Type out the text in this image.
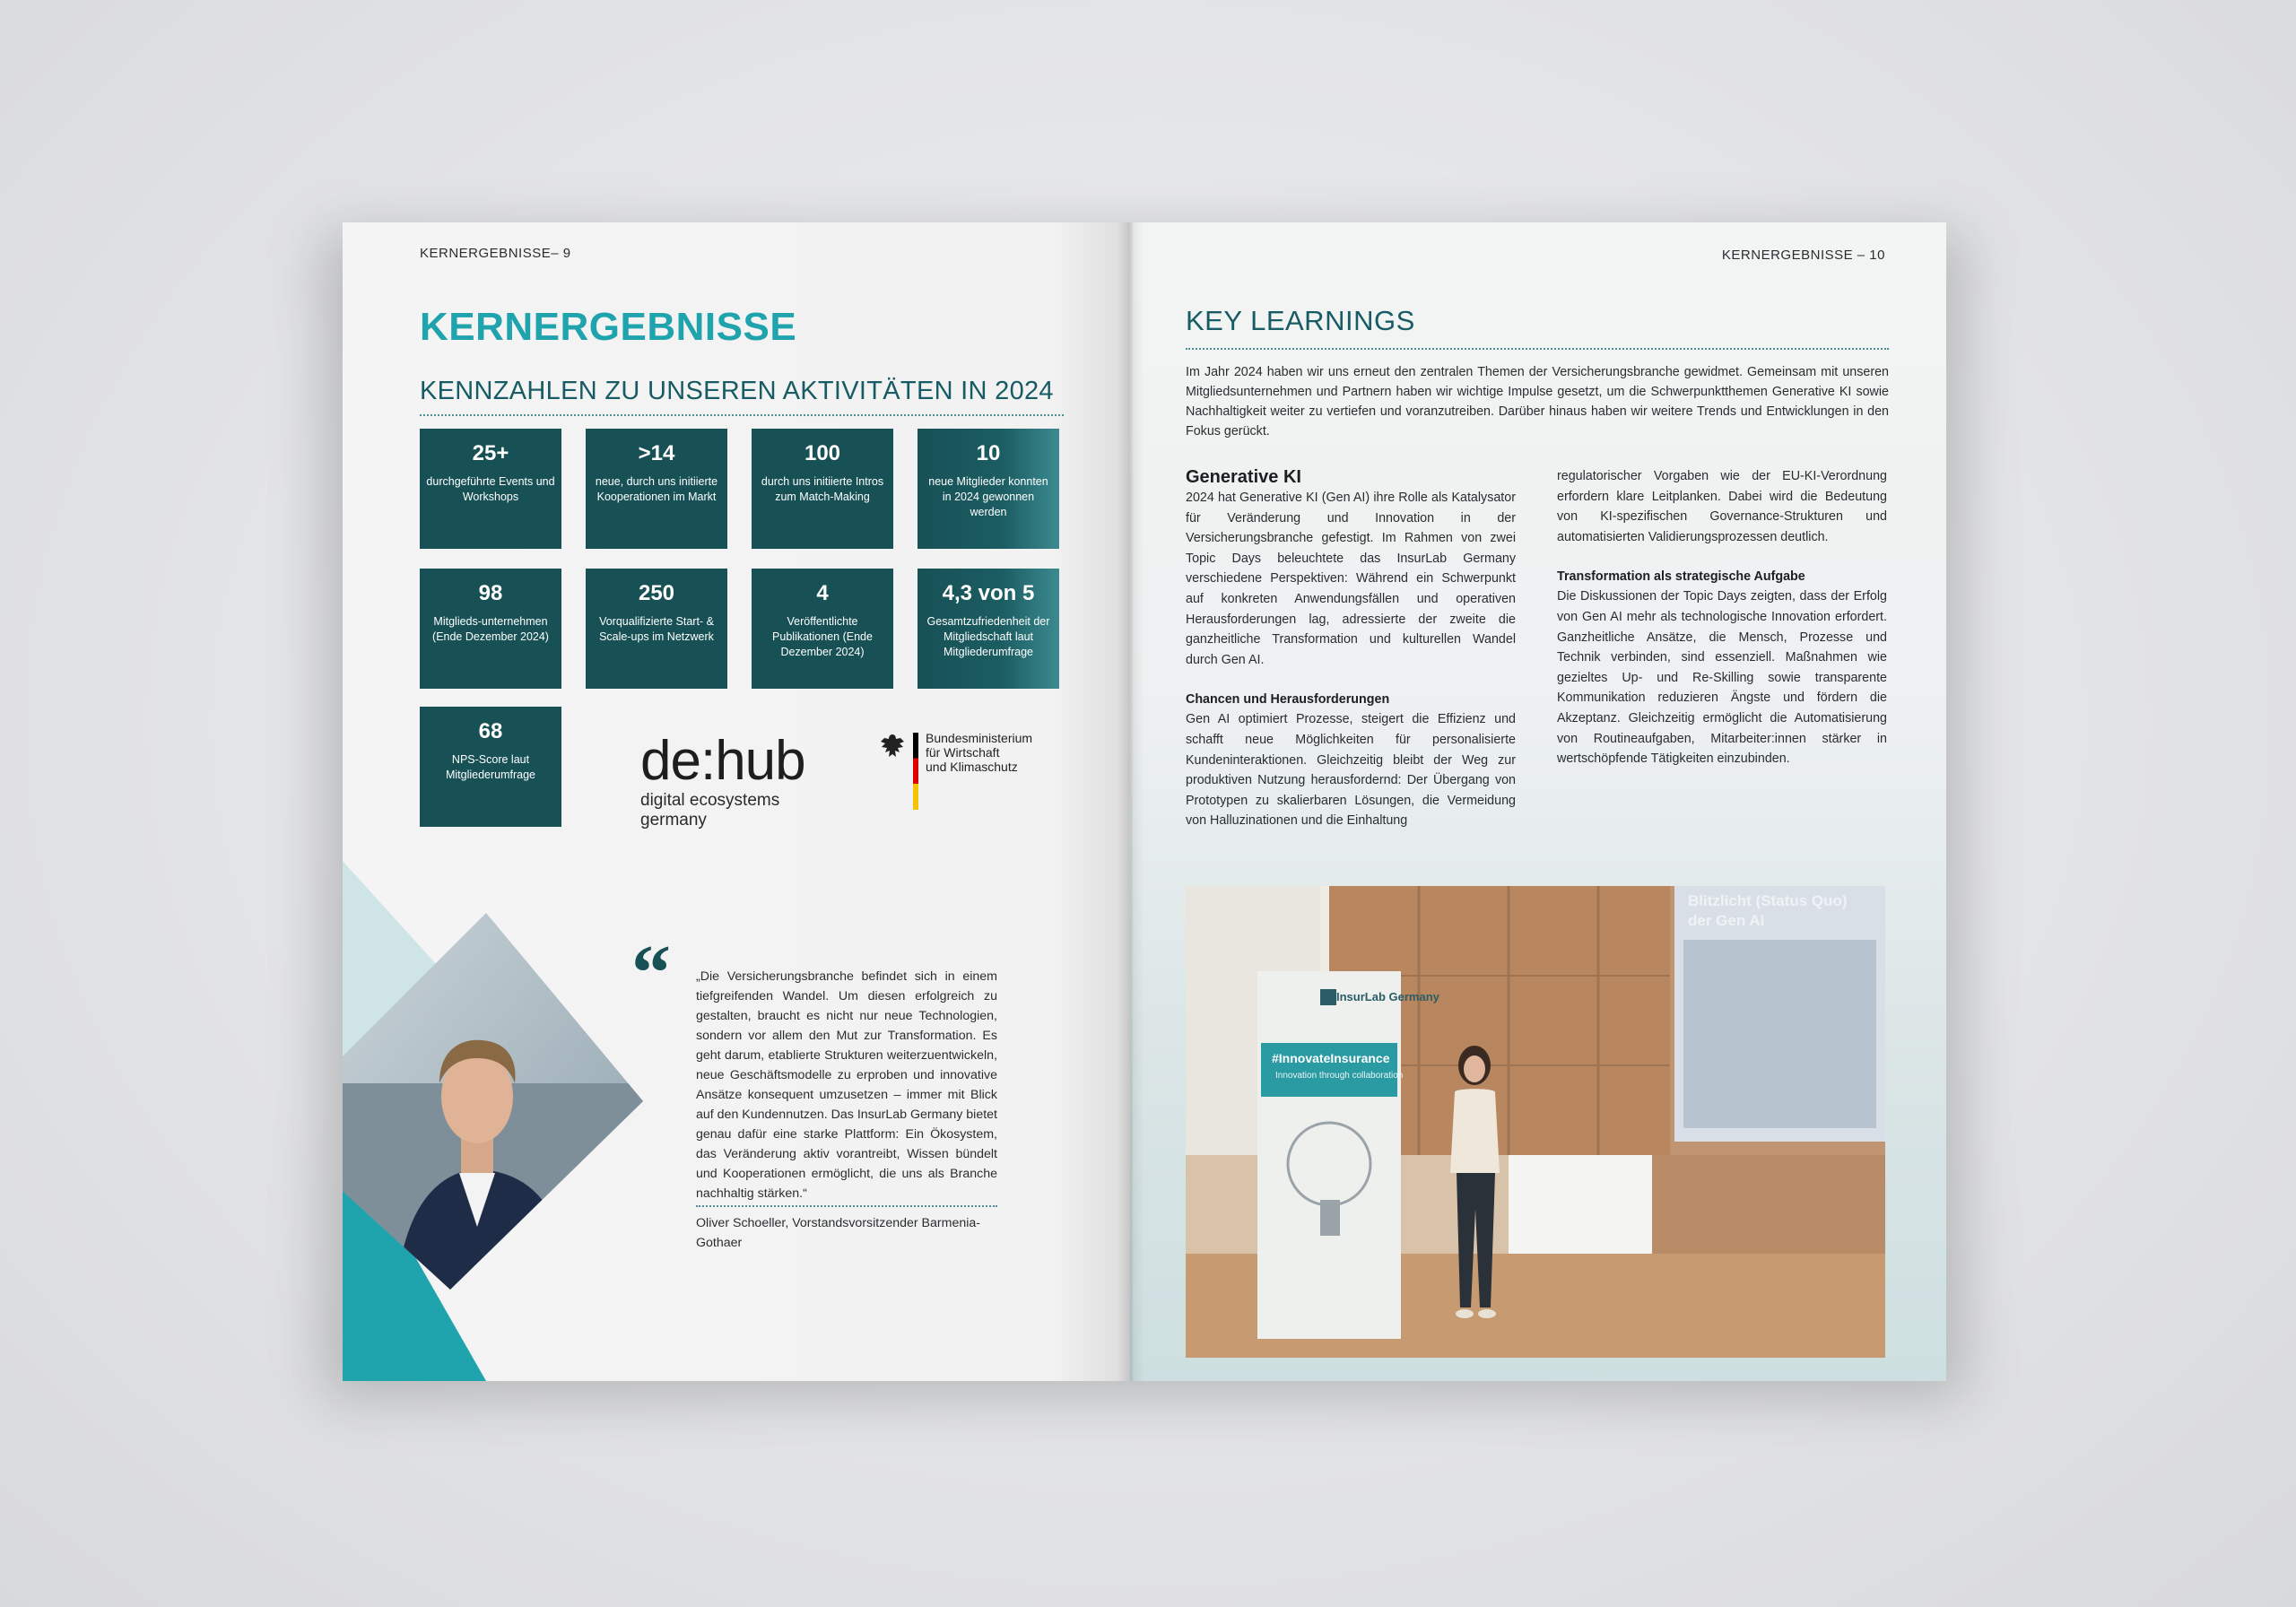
KERNERGEBNISSE– 9
KERNERGEBNISSE
KENNZAHLEN ZU UNSEREN AKTIVITÄTEN IN 2024
25+
durchgeführte Events und Workshops
>14
neue, durch uns initiierte Kooperationen im Markt
100
durch uns initiierte Intros zum Match-Making
10
neue Mitglieder konnten in 2024 gewonnen werden
98
Mitglieds-unternehmen (Ende Dezember 2024)
250
Vorqualifizierte Start- & Scale-ups im Netzwerk
4
Veröffentlichte Publikationen (Ende Dezember 2024)
4,3 von 5
Gesamtzufriedenheit der Mitgliedschaft laut Mitgliederumfrage
68
NPS-Score laut Mitgliederumfrage	de:hub
digital ecosystems germany
Bundesministerium
für Wirtschaft
und Klimaschutz
“ „Die Versicherungsbranche befindet sich in einem tiefgreifenden Wandel. Um diesen erfolgreich zu gestalten, braucht es nicht nur neue Technologien, sondern vor allem den Mut zur Transformation. Es geht darum, etablierte Strukturen weiterzuentwickeln, neue Geschäftsmodelle zu erproben und innovative Ansätze konsequent umzusetzen – immer mit Blick auf den Kundennutzen. Das InsurLab Germany bietet genau dafür eine starke Plattform: Ein Ökosystem, das Veränderung aktiv vorantreibt, Wissen bündelt und Kooperationen ermöglicht, die uns als Branche nachhaltig stärken.“
Oliver Schoeller, Vorstandsvorsitzender Barmenia-Gothaer
KERNERGEBNISSE – 10
KEY LEARNINGS
Im Jahr 2024 haben wir uns erneut den zentralen Themen der Versicherungsbranche gewidmet. Gemeinsam mit unseren Mitgliedsunternehmen und Partnern haben wir wichtige Impulse gesetzt, um die Schwerpunktthemen Generative KI sowie Nachhaltigkeit weiter zu vertiefen und voranzutreiben. Darüber hinaus haben wir weitere Trends und Entwicklungen in den Fokus gerückt.
Generative KI

2024 hat Generative KI (Gen AI) ihre Rolle als Katalysator für Veränderung und Innovation in der Versicherungsbranche gefestigt. Im Rahmen von zwei Topic Days beleuchtete das InsurLab Germany verschiedene Perspektiven: Während ein Schwerpunkt auf konkreten Anwendungsfällen und operativen Herausforderungen lag, adressierte der zweite die ganzheitliche Transformation und kulturellen Wandel durch Gen AI.

Chancen und Herausforderungen

Gen AI optimiert Prozesse, steigert die Effizienz und schafft neue Möglichkeiten für personalisierte Kundeninteraktionen. Gleichzeitig bleibt der Weg zur produktiven Nutzung herausfordernd: Der Übergang von Prototypen zu skalierbaren Lösungen, die Vermeidung von Halluzinationen und die Einhaltung

regulatorischer Vorgaben wie der EU-KI-Verordnung erfordern klare Leitplanken. Dabei wird die Bedeutung von KI-spezifischen Governance-Strukturen und automatisierten Validierungsprozessen deutlich.

Transformation als strategische Aufgabe

Die Diskussionen der Topic Days zeigten, dass der Erfolg von Gen AI mehr als technologische Innovation erfordert. Ganzheitliche Ansätze, die Mensch, Prozesse und Technik verbinden, sind essenziell. Maßnahmen wie gezieltes Up- und Re-Skilling sowie transparente Kommunikation reduzieren Ängste und fördern die Akzeptanz. Gleichzeitig ermöglicht die Automatisierung von Routineaufgaben, Mitarbeiter:innen stärker in wertschöpfende Tätigkeiten einzubinden.

InsurLab Germany
#InnovateInsurance
Innovation through collaboration
Blitzlicht (Status Quo) der Gen AI
